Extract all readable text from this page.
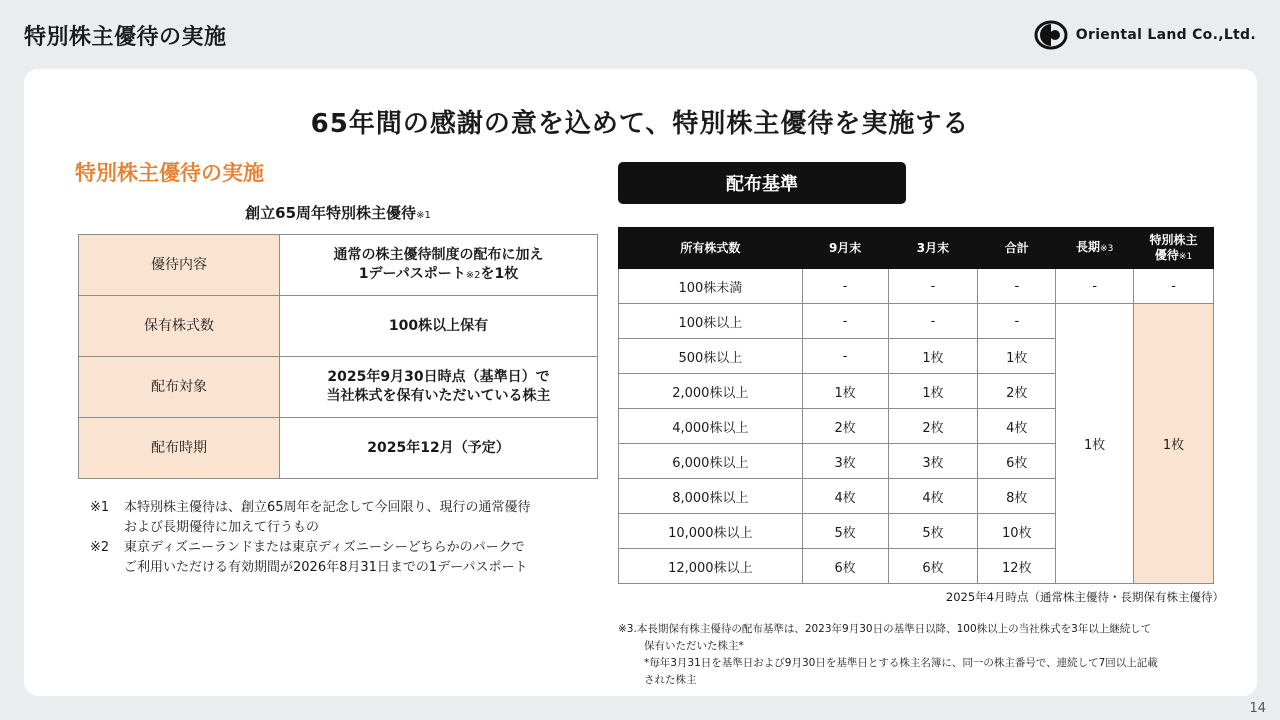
特別株主優待の実施	Oriental Land Co.,Ltd.
65年間の感謝の意を込めて、特別株主優待を実施する
特別株主優待の実施
創立65周年特別株主優待※1
優待内容	通常の株主優待制度の配布に加え
1デーパスポート※2を1枚

保有株式数	100株以上保有
配布対象	2025年9月30日時点（基準日）で
当社株式を保有いただいている株主

配布時期	2025年12月（予定）
※1	本特別株主優待は、創立65周年を記念して今回限り、現行の通常優待
および長期優待に加えて行うもの
※2	東京ディズニーランドまたは東京ディズニーシーどちらかのパークで
ご利用いただける有効期間が2026年8月31日までの1デーパスポート
配布基準
所有株式数	9月末	3月末	合計	長期※3	特別株主
優待※1

100株未満	-	-	-	-	-
100株以上	-	-	-	1枚	1枚
500株以上	-	1枚	1枚		
2,000株以上	1枚	1枚	2枚		
4,000株以上	2枚	2枚	4枚		
6,000株以上	3枚	3枚	6枚		
8,000株以上	4枚	4枚	8枚		
10,000株以上	5枚	5枚	10枚		
12,000株以上	6枚	6枚	12枚		
2025年4月時点（通常株主優待・長期保有株主優待）
※3.本長期保有株主優待の配布基準は、2023年9月30日の基準日以降、100株以上の当社株式を3年以上継続して
保有いただいた株主*
*毎年3月31日を基準日および9月30日を基準日とする株主名簿に、同一の株主番号で、連続して7回以上記載
された株主
14
